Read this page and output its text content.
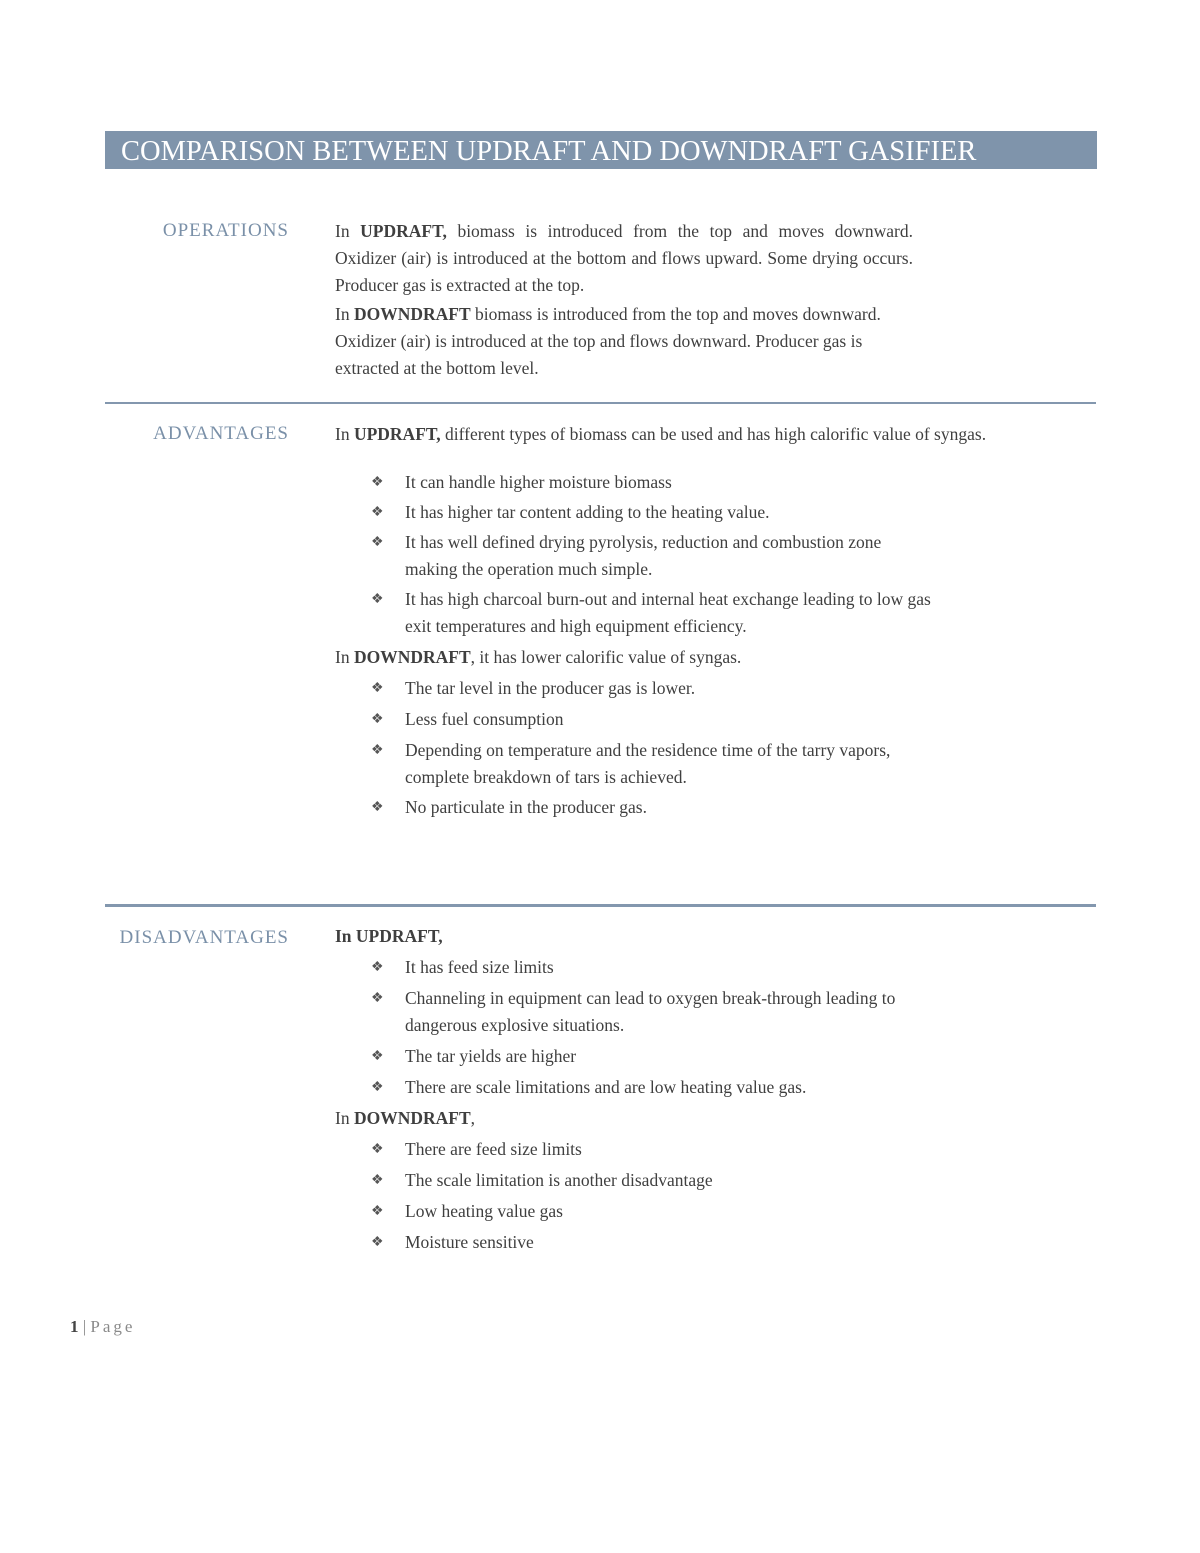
COMPARISON BETWEEN UPDRAFT AND DOWNDRAFT GASIFIER
OPERATIONS	In UPDRAFT, biomass is introduced from the top and moves downward. Oxidizer (air) is introduced at the bottom and flows upward. Some drying occurs. Producer gas is extracted at the top.

In DOWNDRAFT biomass is introduced from the top and moves downward. Oxidizer (air) is introduced at the top and flows downward. Producer gas is extracted at the bottom level.

ADVANTAGES	In UPDRAFT, different types of biomass can be used and has high calorific value of syngas.

❖ It can handle higher moisture biomass
❖ It has higher tar content adding to the heating value.
❖ It has well defined drying pyrolysis, reduction and combustion zone making the operation much simple.
❖ It has high charcoal burn-out and internal heat exchange leading to low gas exit temperatures and high equipment efficiency.

In DOWNDRAFT, it has lower calorific value of syngas.

❖ The tar level in the producer gas is lower.
❖ Less fuel consumption
❖ Depending on temperature and the residence time of the tarry vapors, complete breakdown of tars is achieved.
❖ No particulate in the producer gas.
DISADVANTAGES	In UPDRAFT,

❖ It has feed size limits
❖ Channeling in equipment can lead to oxygen break-through leading to dangerous explosive situations.
❖ The tar yields are higher
❖ There are scale limitations and are low heating value gas.

In DOWNDRAFT,

❖ There are feed size limits
❖ The scale limitation is another disadvantage
❖ Low heating value gas
❖ Moisture sensitive
1 | Page
